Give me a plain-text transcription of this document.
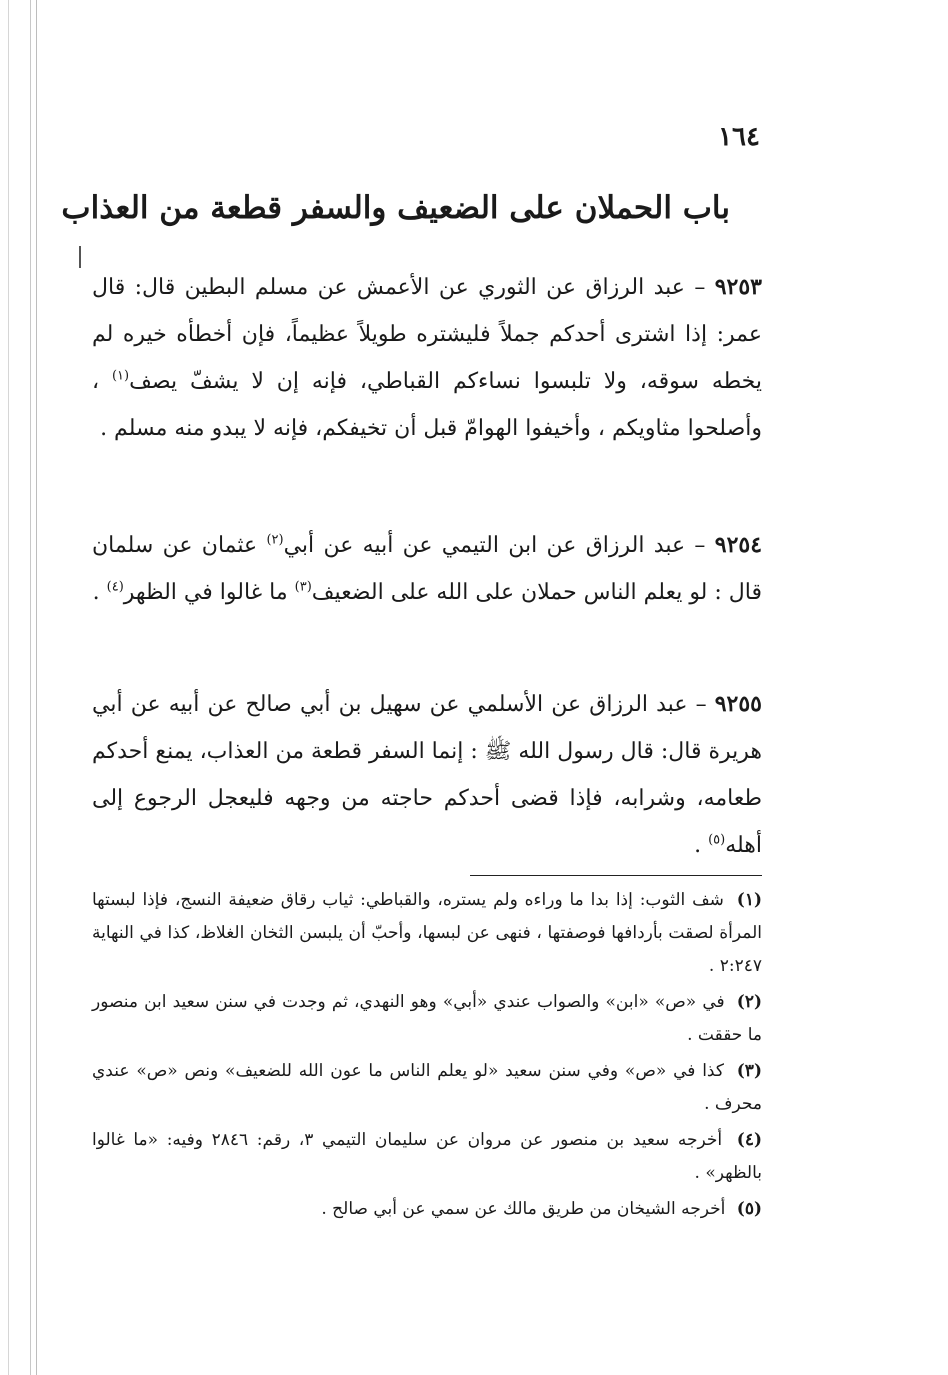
١٦٤
باب الحملان على الضعيف والسفر قطعة من العذاب

٩٢٥٣ – عبد الرزاق عن الثوري عن الأعمش عن مسلم البطين قال: قال عمر: إذا اشترى أحدكم جملاً فليشتره طويلاً عظيماً، فإن أخطأه خيره لم يخطه سوقه، ولا تلبسوا نساءكم القباطي، فإنه إن لا يشفّ يصف$^{(١)}$ ، وأصلحوا مثاويكم ، وأخيفوا الهوامّ قبل أن تخيفكم، فإنه لا يبدو منه مسلم .

٩٢٥٤ – عبد الرزاق عن ابن التيمي عن أبيه عن أبي$^{(٢)}$ عثمان عن سلمان قال : لو يعلم الناس حملان على الله على الضعيف$^{(٣)}$ ما غالوا في الظهر$^{(٤)}$ .

٩٢٥٥ – عبد الرزاق عن الأسلمي عن سهيل بن أبي صالح عن أبيه عن أبي هريرة قال: قال رسول الله ﷺ : إنما السفر قطعة من العذاب، يمنع أحدكم طعامه، وشرابه، فإذا قضى أحدكم حاجته من وجهه فليعجل الرجوع إلى أهله$^{(٥)}$ .

(١) شف الثوب: إذا بدا ما وراءه ولم يستره، والقباطي: ثياب رقاق ضعيفة النسج، فإذا لبستها المرأة لصقت بأردافها فوصفتها ، فنهى عن لبسها، وأحبّ أن يلبسن الثخان الغلاظ، كذا في النهاية ٢:٢٤٧ .

(٢) في «ص» «ابن» والصواب عندي «أبي» وهو النهدي، ثم وجدت في سنن سعيد ابن منصور ما حققت .

(٣) كذا في «ص» وفي سنن سعيد «لو يعلم الناس ما عون الله للضعيف» ونص «ص» عندي محرف .

(٤) أخرجه سعيد بن منصور عن مروان عن سليمان التيمي ٣، رقم: ٢٨٤٦ وفيه: «ما غالوا بالظهر» .

(٥) أخرجه الشيخان من طريق مالك عن سمي عن أبي صالح .
